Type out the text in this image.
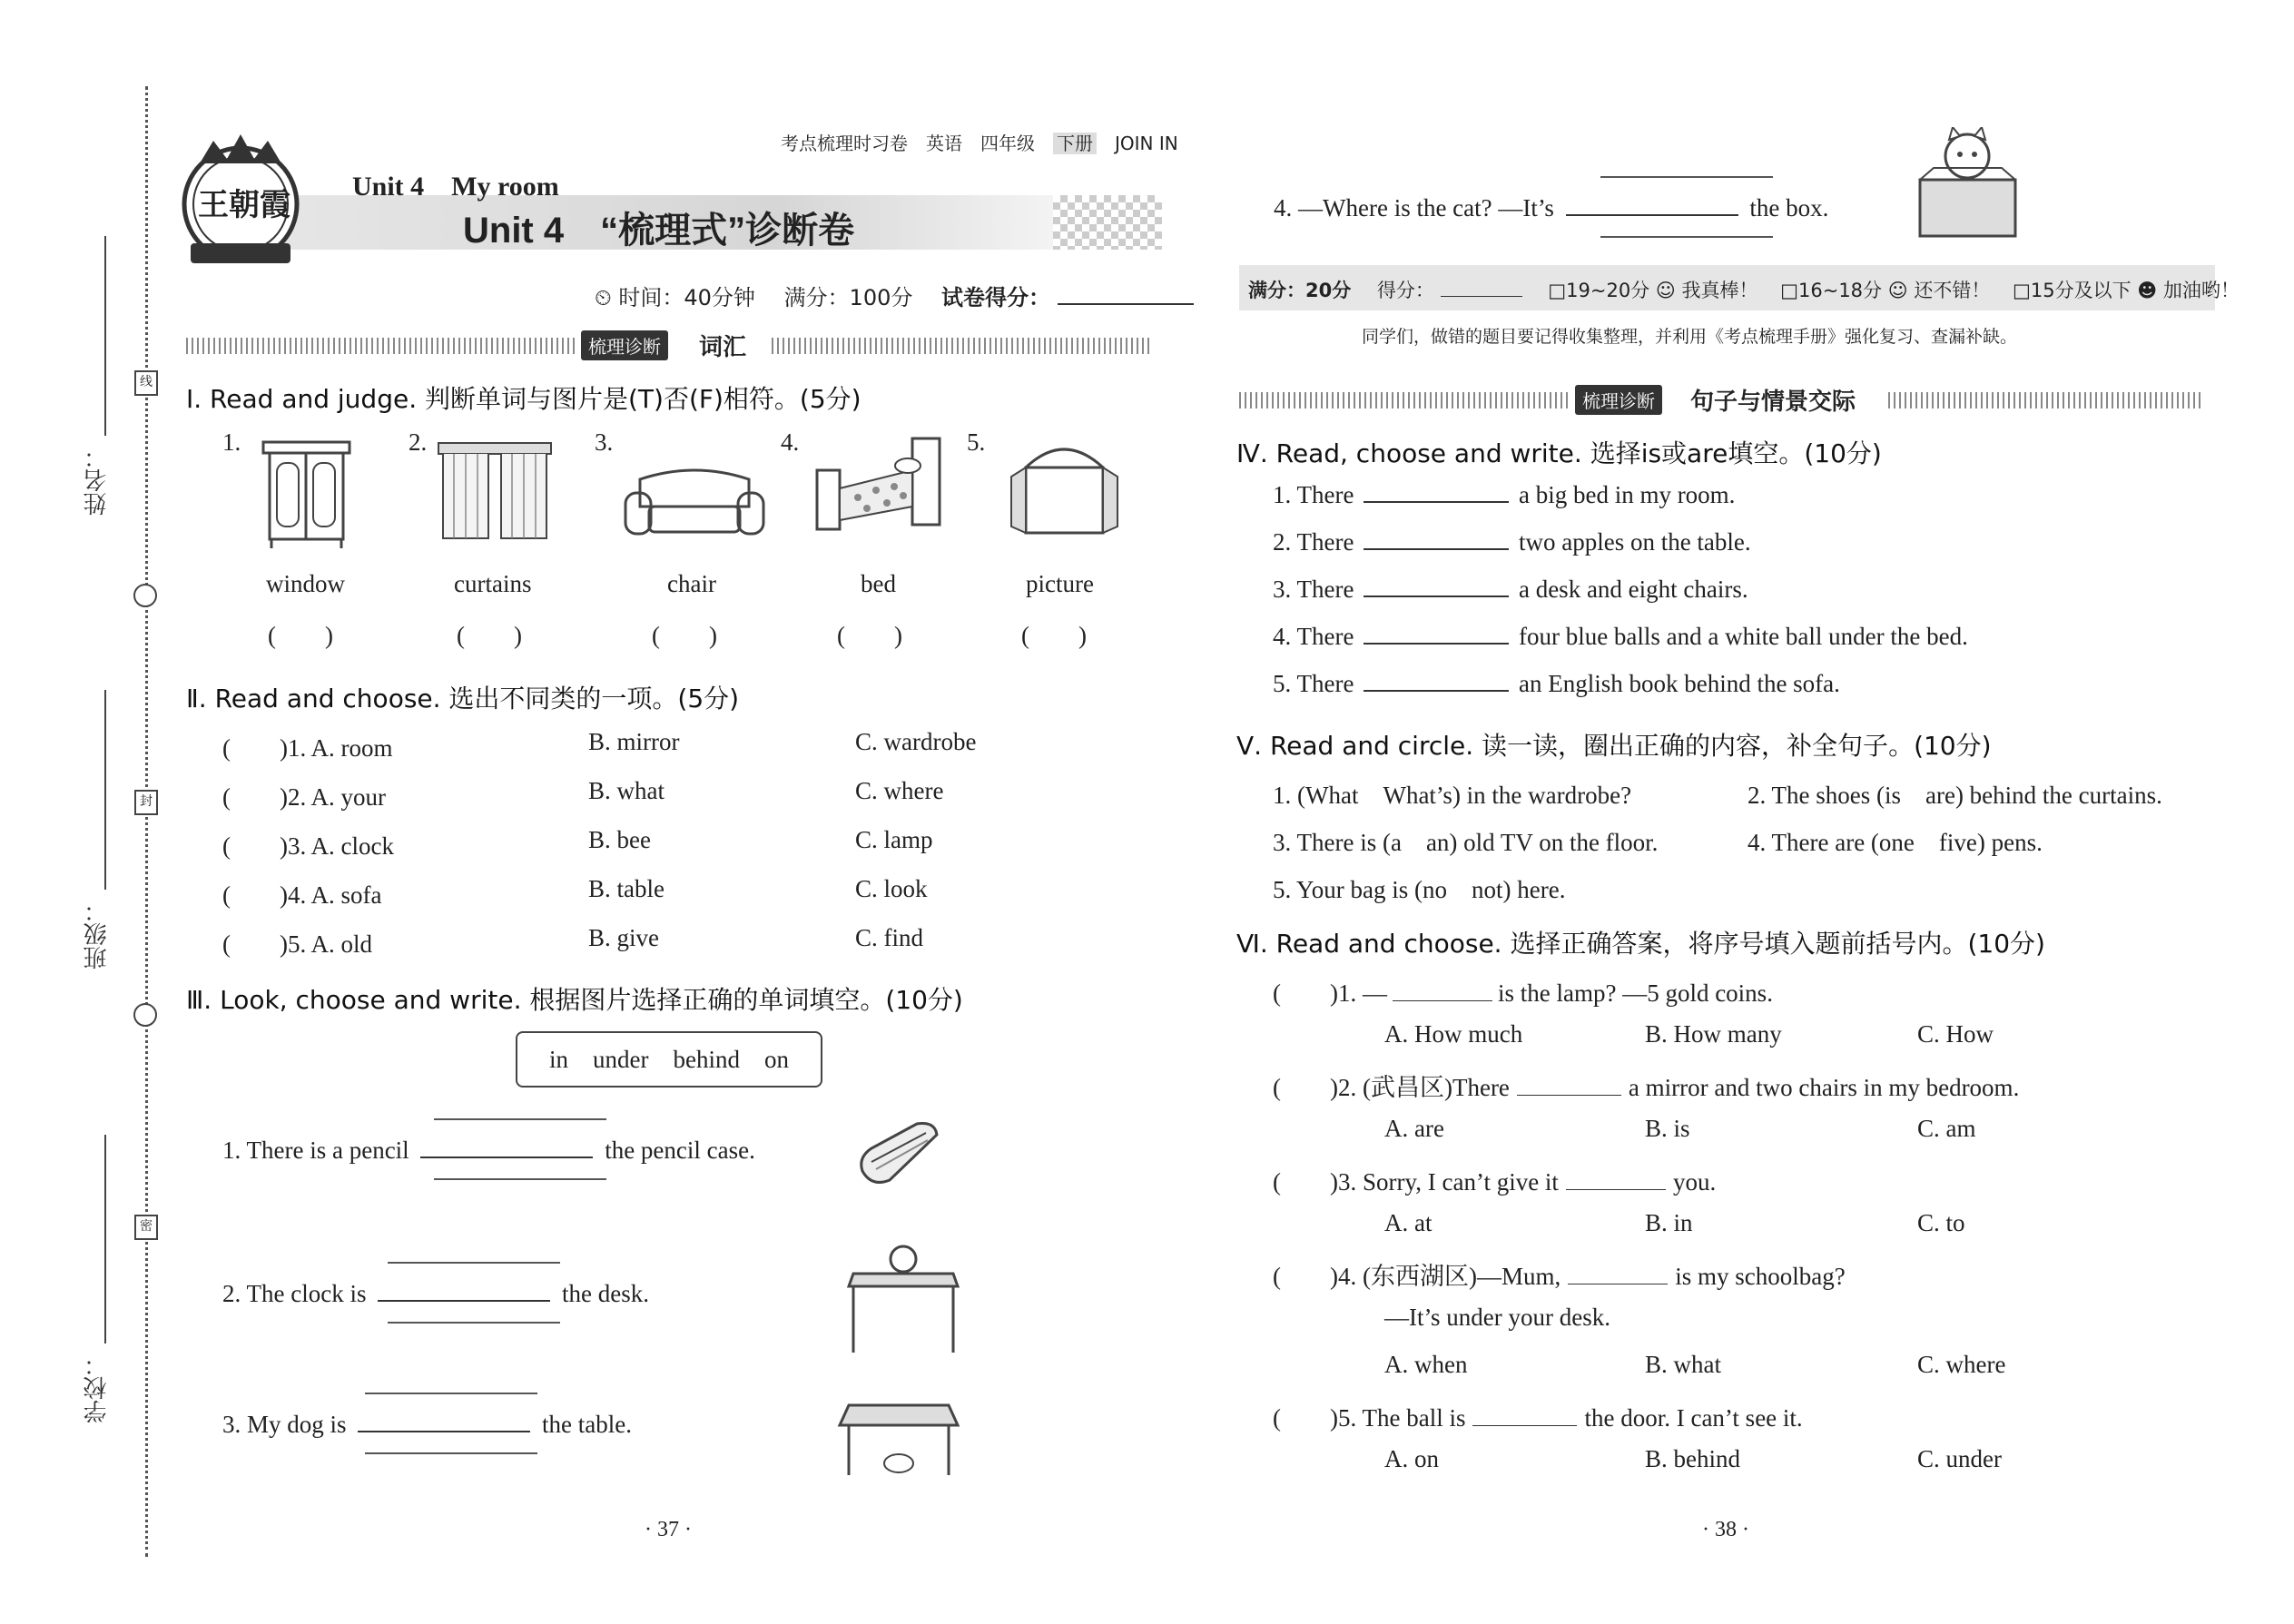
姓名：
班级：
学校：
线
封
密
考点梳理时习卷 英语 四年级 下册 JOIN IN
王朝霞
Unit 4　My room
Unit 4　“梳理式”诊断卷
⏲ 时间：40分钟 满分：100分 试卷得分：
梳理诊断	词汇
Ⅰ. Read and judge. 判断单词与图片是(T)否(F)相符。(5分)
1.
window
(　　)
2.
curtains
(　　)
3.
chair
(　　)
4.
bed
(　　)
5.
picture
(　　)
Ⅱ. Read and choose. 选出不同类的一项。(5分)
(　　)1. A. room	B. mirror	C. wardrobe
(　　)2. A. your	B. what	C. where
(　　)3. A. clock	B. bee	C. lamp
(　　)4. A. sofa	B. table	C. look
(　　)5. A. old	B. give	C. find
Ⅲ. Look, choose and write. 根据图片选择正确的单词填空。(10分)
in　under　behind　on
1. There is a pencil	the pencil case.
2. The clock is	the desk.
3. My dog is	the table.
· 37 ·
4. —Where is the cat? —It’s	the box.
满分：20分 得分：	□19~20分 ☺ 我真棒！ □16~18分 ☺ 还不错！ □15分及以下 ☻ 加油哟！
同学们，做错的题目要记得收集整理，并利用《考点梳理手册》强化复习、查漏补缺。
梳理诊断	句子与情景交际
Ⅳ. Read, choose and write. 选择is或are填空。(10分)
1. There	a big bed in my room.
2. There	two apples on the table.
3. There	a desk and eight chairs.
4. There	four blue balls and a white ball under the bed.
5. There	an English book behind the sofa.
Ⅴ. Read and circle. 读一读，圈出正确的内容，补全句子。(10分)
1. (What　What’s) in the wardrobe?	2. The shoes (is　are) behind the curtains.
3. There is (a　an) old TV on the floor.	4. There are (one　five) pens.
5. Your bag is (no　not) here.
Ⅵ. Read and choose. 选择正确答案，将序号填入题前括号内。(10分)
(　　)1. —	is the lamp? —5 gold coins.
A. How much	B. How many	C. How
(　　)2. (武昌区)There	a mirror and two chairs in my bedroom.
A. are	B. is	C. am
(　　)3. Sorry, I can’t give it	you.
A. at	B. in	C. to
(　　)4. (东西湖区)—Mum,	is my schoolbag?
—It’s under your desk.
A. when	B. what	C. where
(　　)5. The ball is	the door. I can’t see it.
A. on	B. behind	C. under
· 38 ·
